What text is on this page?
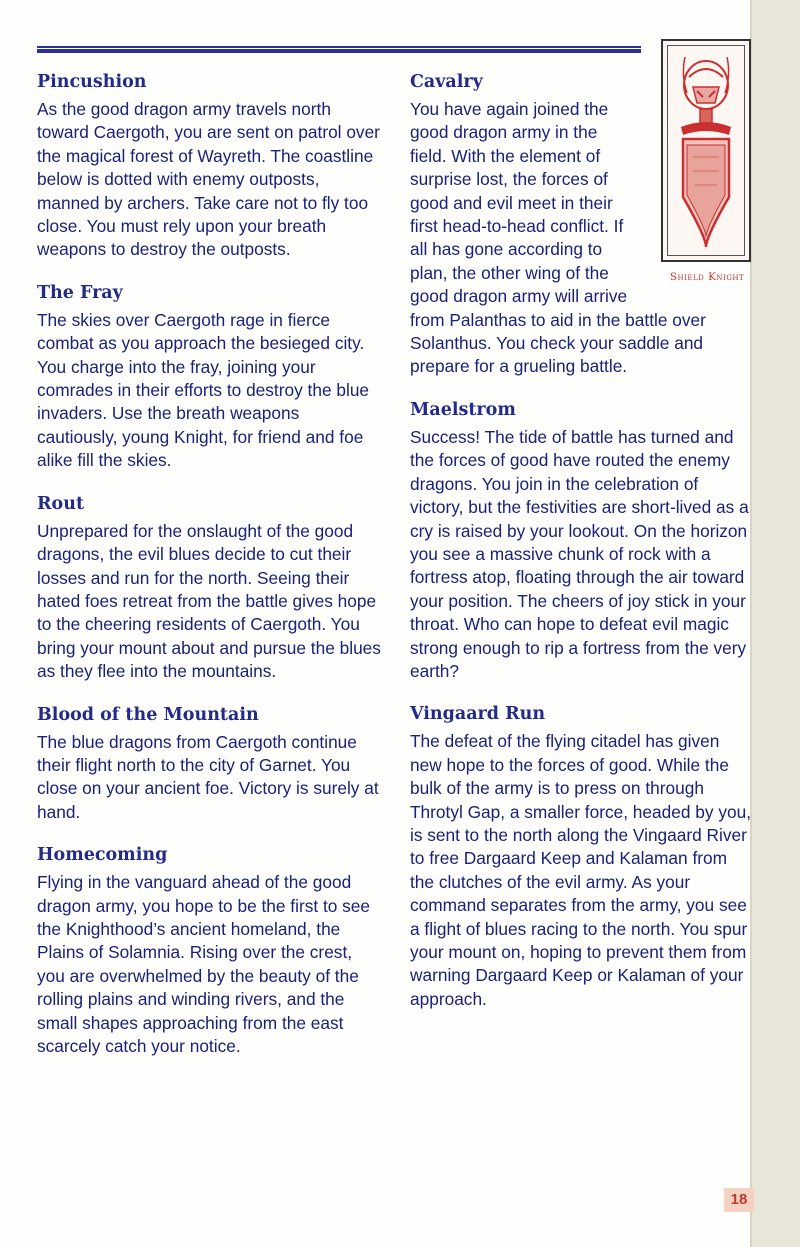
Shield Knight
Pincushion

As the good dragon army travels north toward Caergoth, you are sent on patrol over the magical forest of Wayreth. The coastline below is dotted with enemy outposts, manned by archers. Take care not to fly too close. You must rely upon your breath weapons to destroy the outposts.

The Fray

The skies over Caergoth rage in fierce combat as you approach the besieged city. You charge into the fray, joining your comrades in their efforts to destroy the blue invaders. Use the breath weapons cautiously, young Knight, for friend and foe alike fill the skies.

Rout

Unprepared for the onslaught of the good dragons, the evil blues decide to cut their losses and run for the north. Seeing their hated foes retreat from the battle gives hope to the cheering residents of Caergoth. You bring your mount about and pursue the blues as they flee into the mountains.

Blood of the Mountain

The blue dragons from Caergoth continue their flight north to the city of Garnet. You close on your ancient foe. Victory is surely at hand.

Homecoming

Flying in the vanguard ahead of the good dragon army, you hope to be the first to see the Knighthood’s ancient homeland, the Plains of Solamnia. Rising over the crest, you are overwhelmed by the beauty of the rolling plains and winding rivers, and the small shapes approaching from the east scarcely catch your notice.

Cavalry

You have again joined the good dragon army in the field. With the element of surprise lost, the forces of good and evil meet in their first head-to-head conflict. If all has gone according to plan, the other wing of the good dragon army will arrive
from Palanthas to aid in the battle over Solanthus. You check your saddle and prepare for a grueling battle.

Maelstrom

Success! The tide of battle has turned and the forces of good have routed the enemy dragons. You join in the celebration of victory, but the festivities are short-lived as a cry is raised by your lookout. On the horizon you see a massive chunk of rock with a fortress atop, floating through the air toward your position. The cheers of joy stick in your throat. Who can hope to defeat evil magic strong enough to rip a fortress from the very earth?

Vingaard Run

The defeat of the flying citadel has given new hope to the forces of good. While the bulk of the army is to press on through Throtyl Gap, a smaller force, headed by you, is sent to the north along the Vingaard River to free Dargaard Keep and Kalaman from the clutches of the evil army. As your command separates from the army, you see a flight of blues racing to the north. You spur your mount on, hoping to prevent them from warning Dargaard Keep or Kalaman of your approach.

18
